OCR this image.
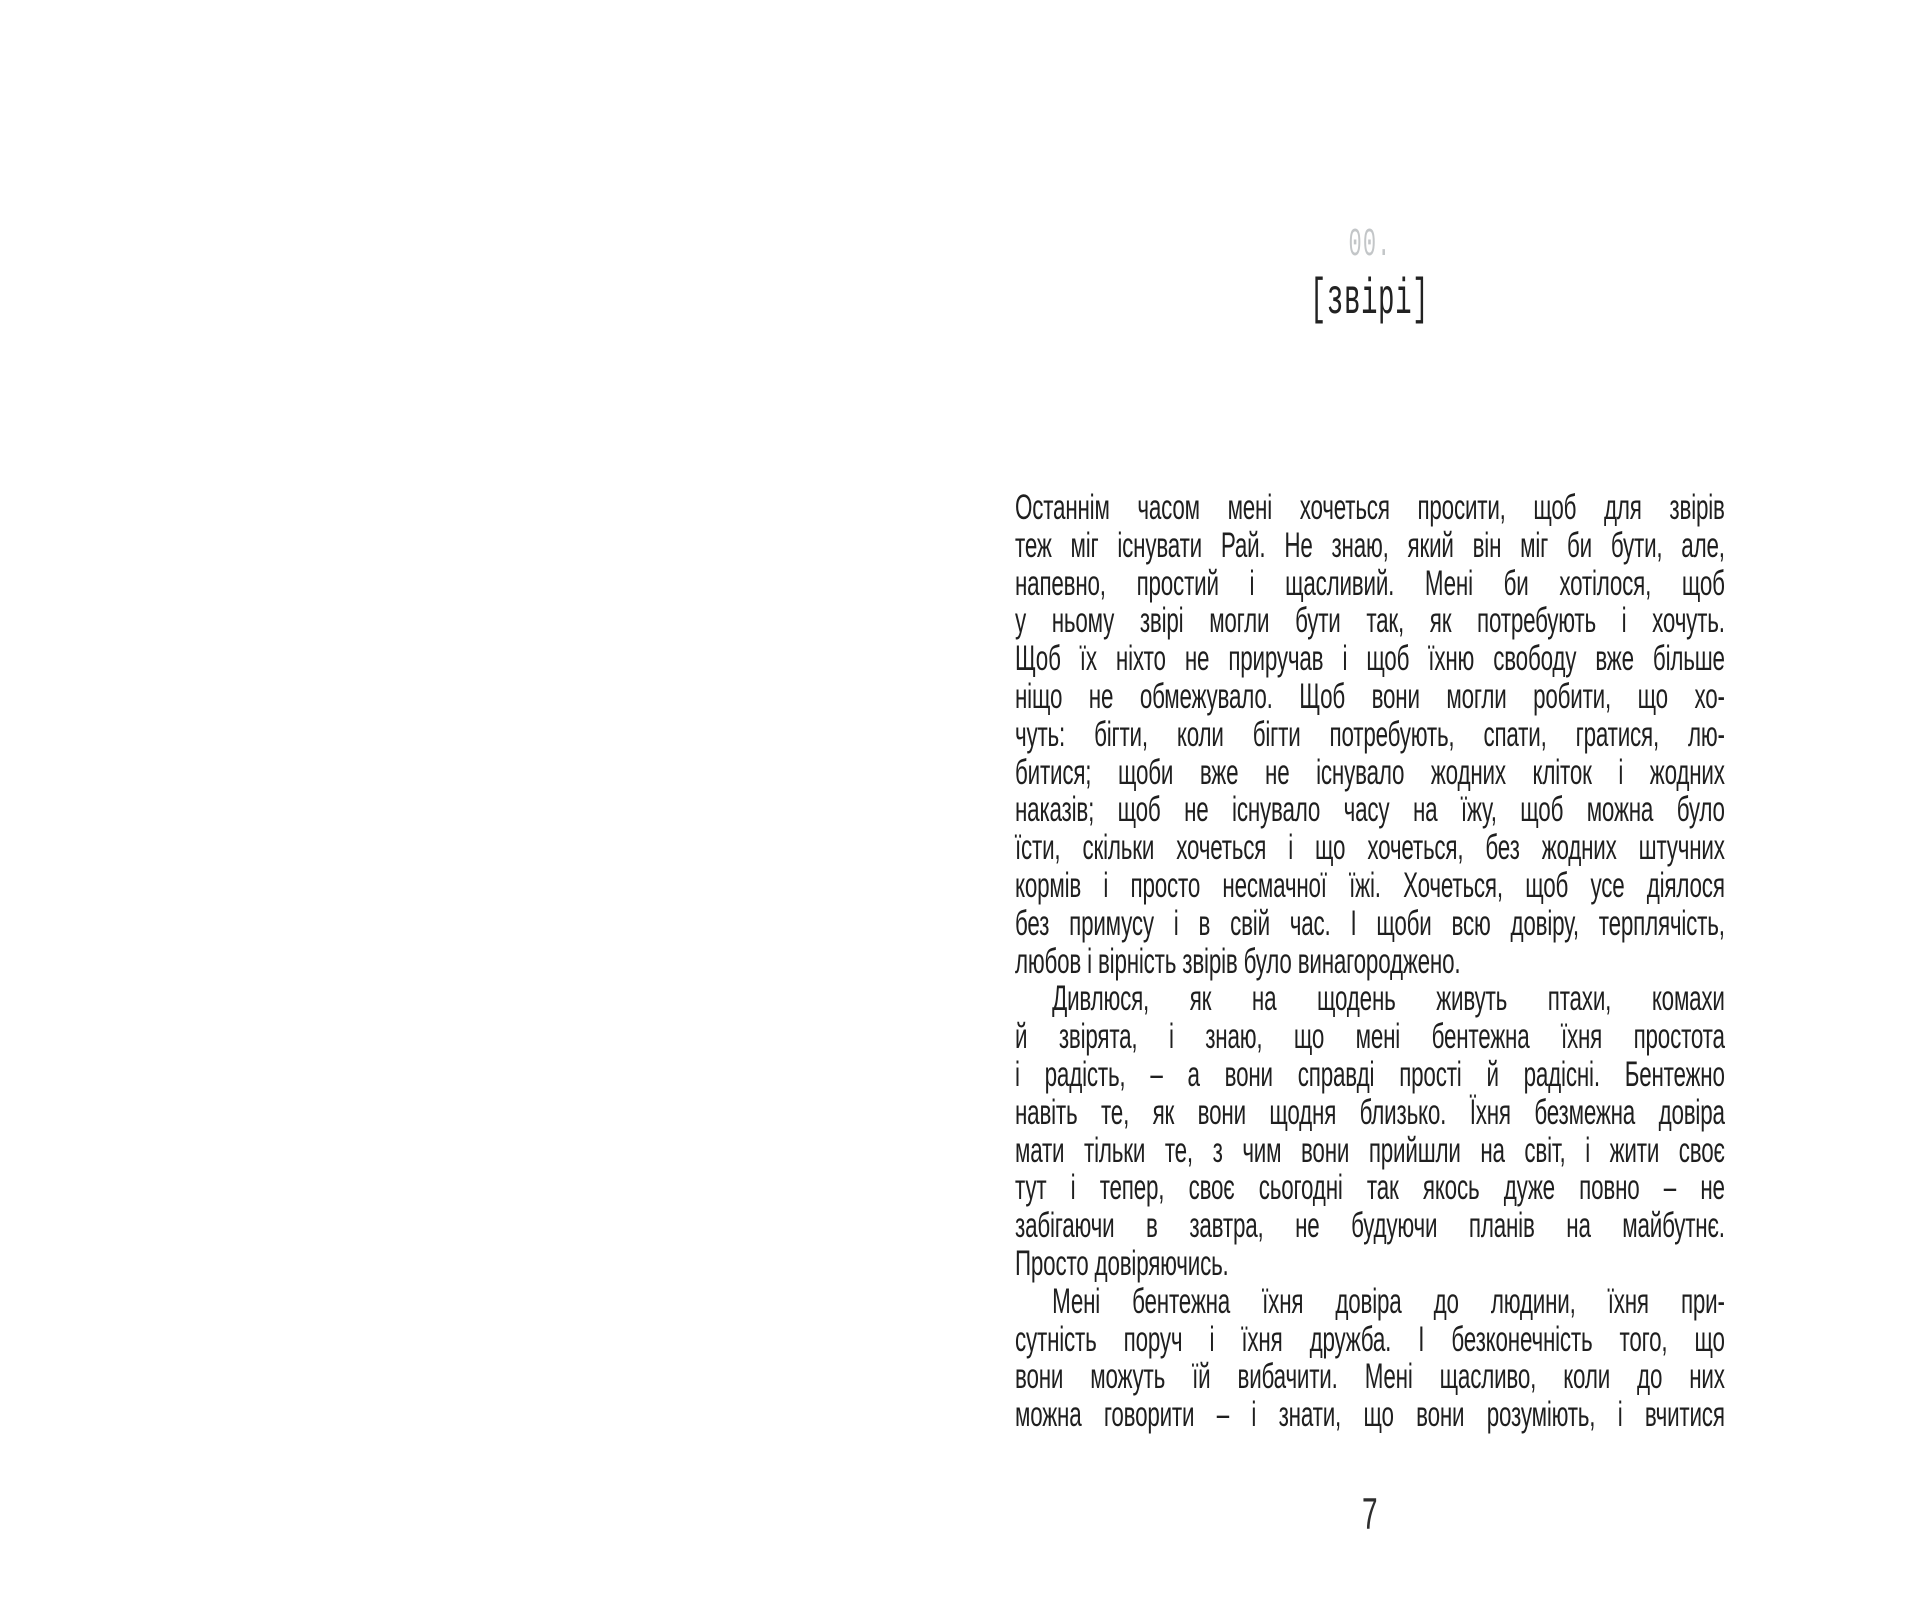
00.
[звірі]
Останнім часом мені хочеться просити, щоб для звірів
теж міг існувати Рай. Не знаю, який він міг би бути, але,
напевно, простий і щасливий. Мені би хотілося, щоб
у ньому звірі могли бути так, як потребують і хочуть.
Щоб їх ніхто не приручав і щоб їхню свободу вже більше
ніщо не обмежувало. Щоб вони могли робити, що хо-
чуть: бігти, коли бігти потребують, спати, гратися, лю-
битися; щоби вже не існувало жодних кліток і жодних
наказів; щоб не існувало часу на їжу, щоб можна було
їсти, скільки хочеться і що хочеться, без жодних штучних
кормів і просто несмачної їжі. Хочеться, щоб усе діялося
без примусу і в свій час. І щоби всю довіру, терплячість,
любов і вірність звірів було винагороджено.
Дивлюся, як на щодень живуть птахи, комахи
й звірята, і знаю, що мені бентежна їхня простота
і радість, – а вони справді прості й радісні. Бентежно
навіть те, як вони щодня близько. Їхня безмежна довіра
мати тільки те, з чим вони прийшли на світ, і жити своє
тут і тепер, своє сьогодні так якось дуже повно – не
забігаючи в завтра, не будуючи планів на майбутнє.
Просто довіряючись.
Мені бентежна їхня довіра до людини, їхня при-
сутність поруч і їхня дружба. І безконечність того, що
вони можуть їй вибачити. Мені щасливо, коли до них
можна говорити – і знати, що вони розуміють, і вчитися
7
